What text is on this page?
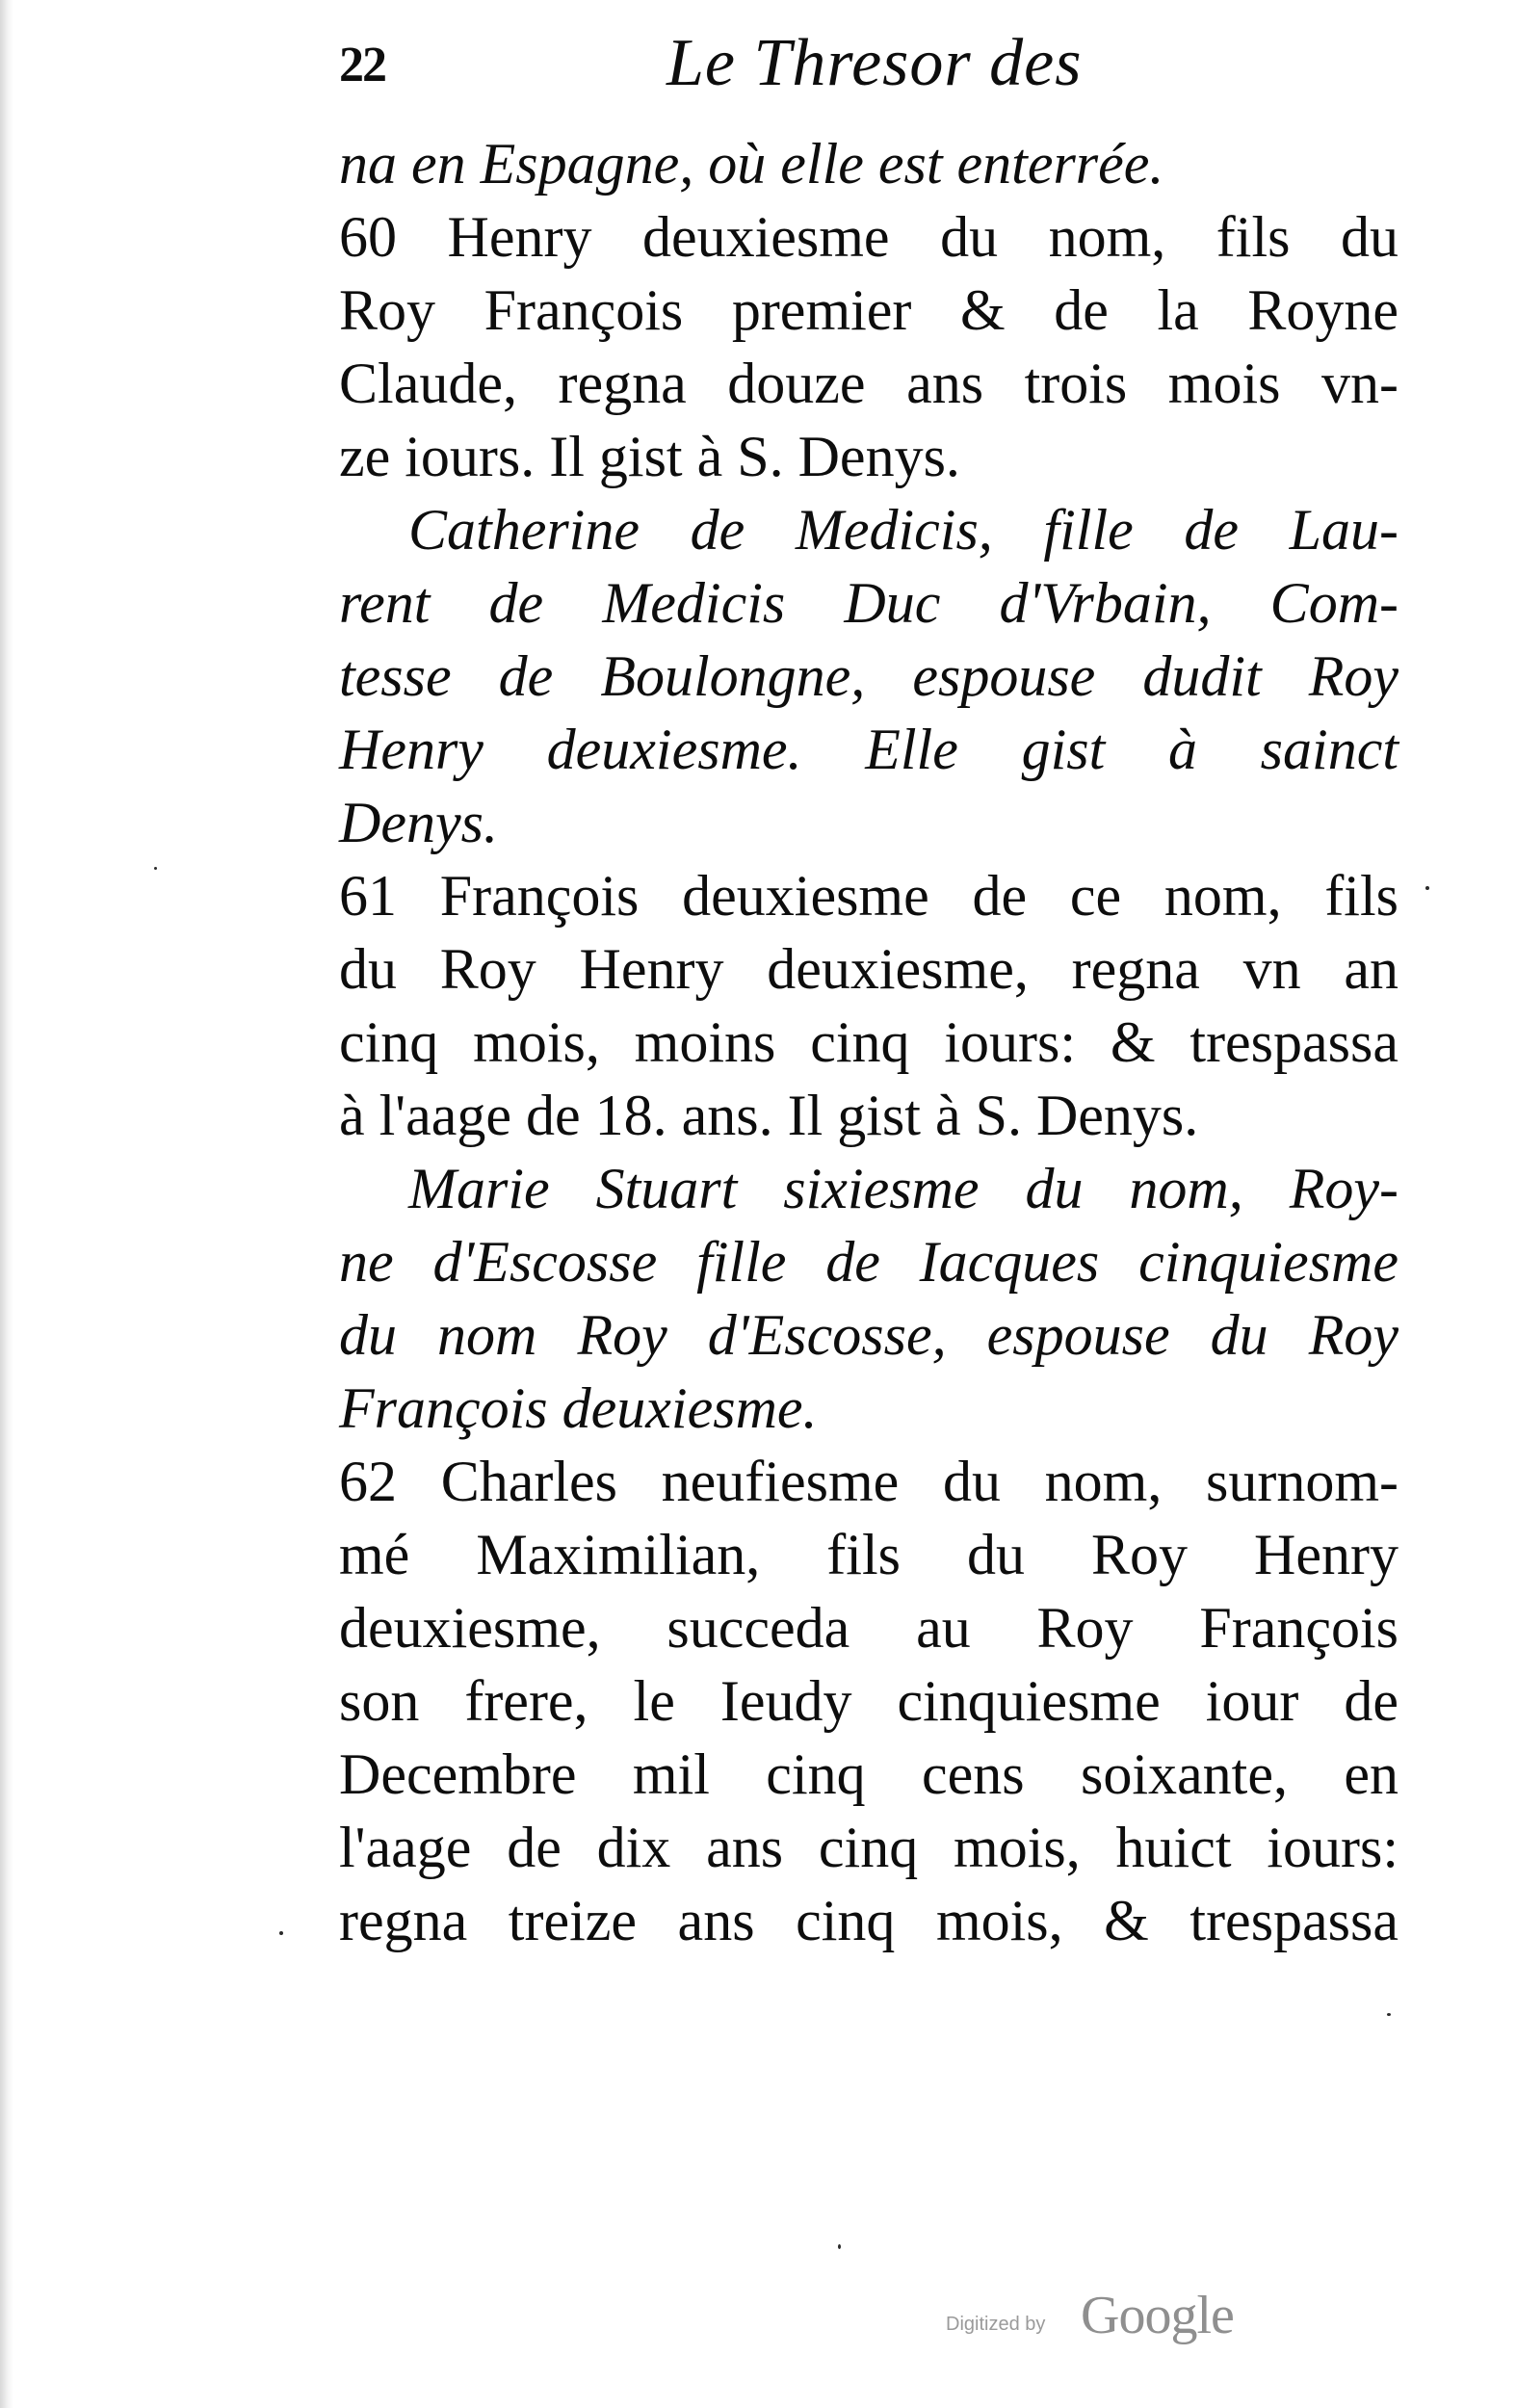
22	Le Thresor des
na en Espagne, où elle est enterrée.
60 Henry deuxiesme du nom, fils du
Roy François premier & de la Royne
Claude, regna douze ans trois mois vn-
ze iours. Il gist à S. Denys.
Catherine de Medicis, fille de Lau-
rent de Medicis Duc d'Vrbain, Com-
tesse de Boulongne, espouse dudit Roy
Henry deuxiesme. Elle gist à sainct
Denys.
61 François deuxiesme de ce nom, fils
du Roy Henry deuxiesme, regna vn an
cinq mois, moins cinq iours: & trespassa
à l'aage de 18. ans. Il gist à S. Denys.
Marie Stuart sixiesme du nom, Roy-
ne d'Escosse fille de Iacques cinquiesme
du nom Roy d'Escosse, espouse du Roy
François deuxiesme.
62 Charles neufiesme du nom, surnom-
mé Maximilian, fils du Roy Henry
deuxiesme, succeda au Roy François
son frere, le Ieudy cinquiesme iour de
Decembre mil cinq cens soixante, en
l'aage de dix ans cinq mois, huict iours:
regna treize ans cinq mois, & trespassa
Digitized by Google
